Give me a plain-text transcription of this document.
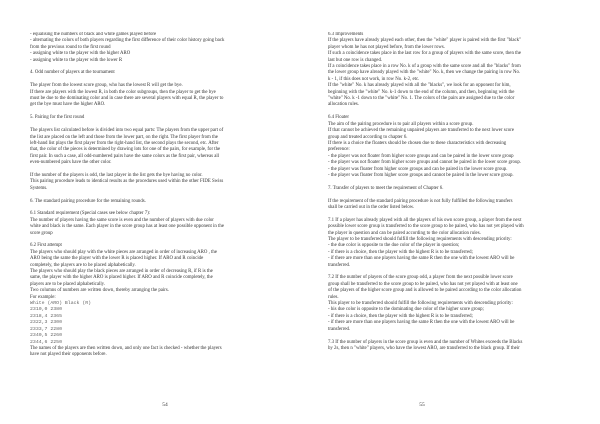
- equalising the numbers of black and white games played before

- alternating the colors of both players regarding the first difference of their color history going back

from the previous round to the first round

- assigning white to the player with the higher ARO

- assigning white to the player with the lower R

4. Odd number of players at the tournament

The player from the lowest score group, who has the lowest R will get the bye.

If there are players with the lowest R, in both the color subgroups, then the player to get the bye

must be due to the dominating color and in case there are several players with equal R, the player to

get the bye must have the higher ARO.

5. Pairing for the first round

The players list calculated before is divided into two equal parts: The players from the upper part of

the list are placed on the left and those from the lower part, on the right. The first player from the

left-hand list plays the first player from the right-hand list, the second plays the second, etc. After

that, the color of the pieces is determined by drawing lots for one of the pairs, for example, for the

first pair. In such a case, all odd-numbered pairs have the same colors as the first pair, whereas all

even-numbered pairs have the other color.

If the number of the players is odd, the last player in the list gets the bye having no color.

This pairing procedure leads to identical results as the procedures used within the other FIDE Swiss

Systems.

6. The standard pairing procedure for the remaining rounds.

6.1 Standard requirement (Special cases see below chapter 7):

The number of players having the same score is even and the number of players with due color

white and black is the same. Each player in the score group has at least one possible opponent in the

score group

6.2 First attempt

The players who should play with the white pieces are arranged in order of increasing ARO , the

ARO being the same the player with the lower R is placed higher. If ARO and R coincide

completely, the players are to be placed alphabetically.

The players who should play the black pieces are arranged in order of decreasing R, if R is the

same, the player with the higher ARO is placed higher. If ARO and R coincide completely, the

players are to be placed alphabetically.

Two columns of numbers are written down, thereby arranging the pairs.

For example:

White (ARO) Black (R)

2310,0 2380

2318,4 2365

2322,3 2300

2333,7 2280

2340,5 2260

2344,6 2250

The names of the players are then written down, and only one fact is checked - whether the players

have not played their opponents before.

54

6.3 Improvements

If the players have already played each other, then the "white" player is paired with the first "black"

player whom he has not played before, from the lower rows.

If such a coincidence takes place in the last row for a group of players with the same score, then the

last but one row is changed.

If a coincidence takes place in a row No. k of a group with the same score and all the "blacks" from

the lower group have already played with the "white" No. k, then we change the pairing in row No.

k - 1, if this does not work, in row No. k-2, etc.

If the "white" No. k has already played with all the "blacks", we look for an opponent for him,

beginning with the "white" No. k-1 down to the end of the column, and then, beginning with the

"white" No. k -1 down to the "white" No. 1. The colors of the pairs are assigned due to the color

allocation rules.

6.4 Floater

The aim of the pairing procedure is to pair all players within a score group.

If that cannot be achieved the remaining unpaired players are transferred to the next lower score

group and treated according to chapter 6.

If there is a choice the floaters should be chosen due to these characteristics with decreasing

preference:

- the player was not floater from higher score groups and can be paired in the lower score group

- the player was not floater from higher score groups and cannot be paired in the lower score group.

- the player was floater from higher score groups and can be paired in the lower score group.

- the player was floater from higher score groups and cannot be paired in the lower score group.

7. Transfer of players to meet the requirement of Chapter 6.

If the requirement of the standard pairing procedure is not fully fulfilled the following transfers

shall be carried out in the order listed below.

7.1 If a player has already played with all the players of his own score group, a player from the next

possible lower score group is transferred to the score group to be paired, who has not yet played with

the player in question and can be paired according to the color allocation rules.

The player to be transferred should fulfill the following requirements with descending priority:

- the due color is opposite to the due color of the player in question;

- if there is a choice, then the player with the highest R is to be transferred;

- if there are more than one players having the same R then the one with the lowest ARO will be

transferred.

7.2 If the number of players of the score group odd, a player from the next possible lower score

group shall be transferred to the score group to be paired, who has not yet played with at least one

of the players of the higher score group and is allowed to be paired according to the color allocation

rules.

This player to be transferred should fulfill the following requirements with descending priority:

- his due color is opposite to the dominating due color of the higher score group;

- if there is a choice, then the player with the highest R is to be transferred;

- if there are more than one players having the same R then the one with the lowest ARO will be

transferred.

7.3 If the number of players in the score group is even and the number of Whites exceeds the Blacks

by 2s, then n "white" players, who have the lowest ARO, are transferred to the black group. If their

55
